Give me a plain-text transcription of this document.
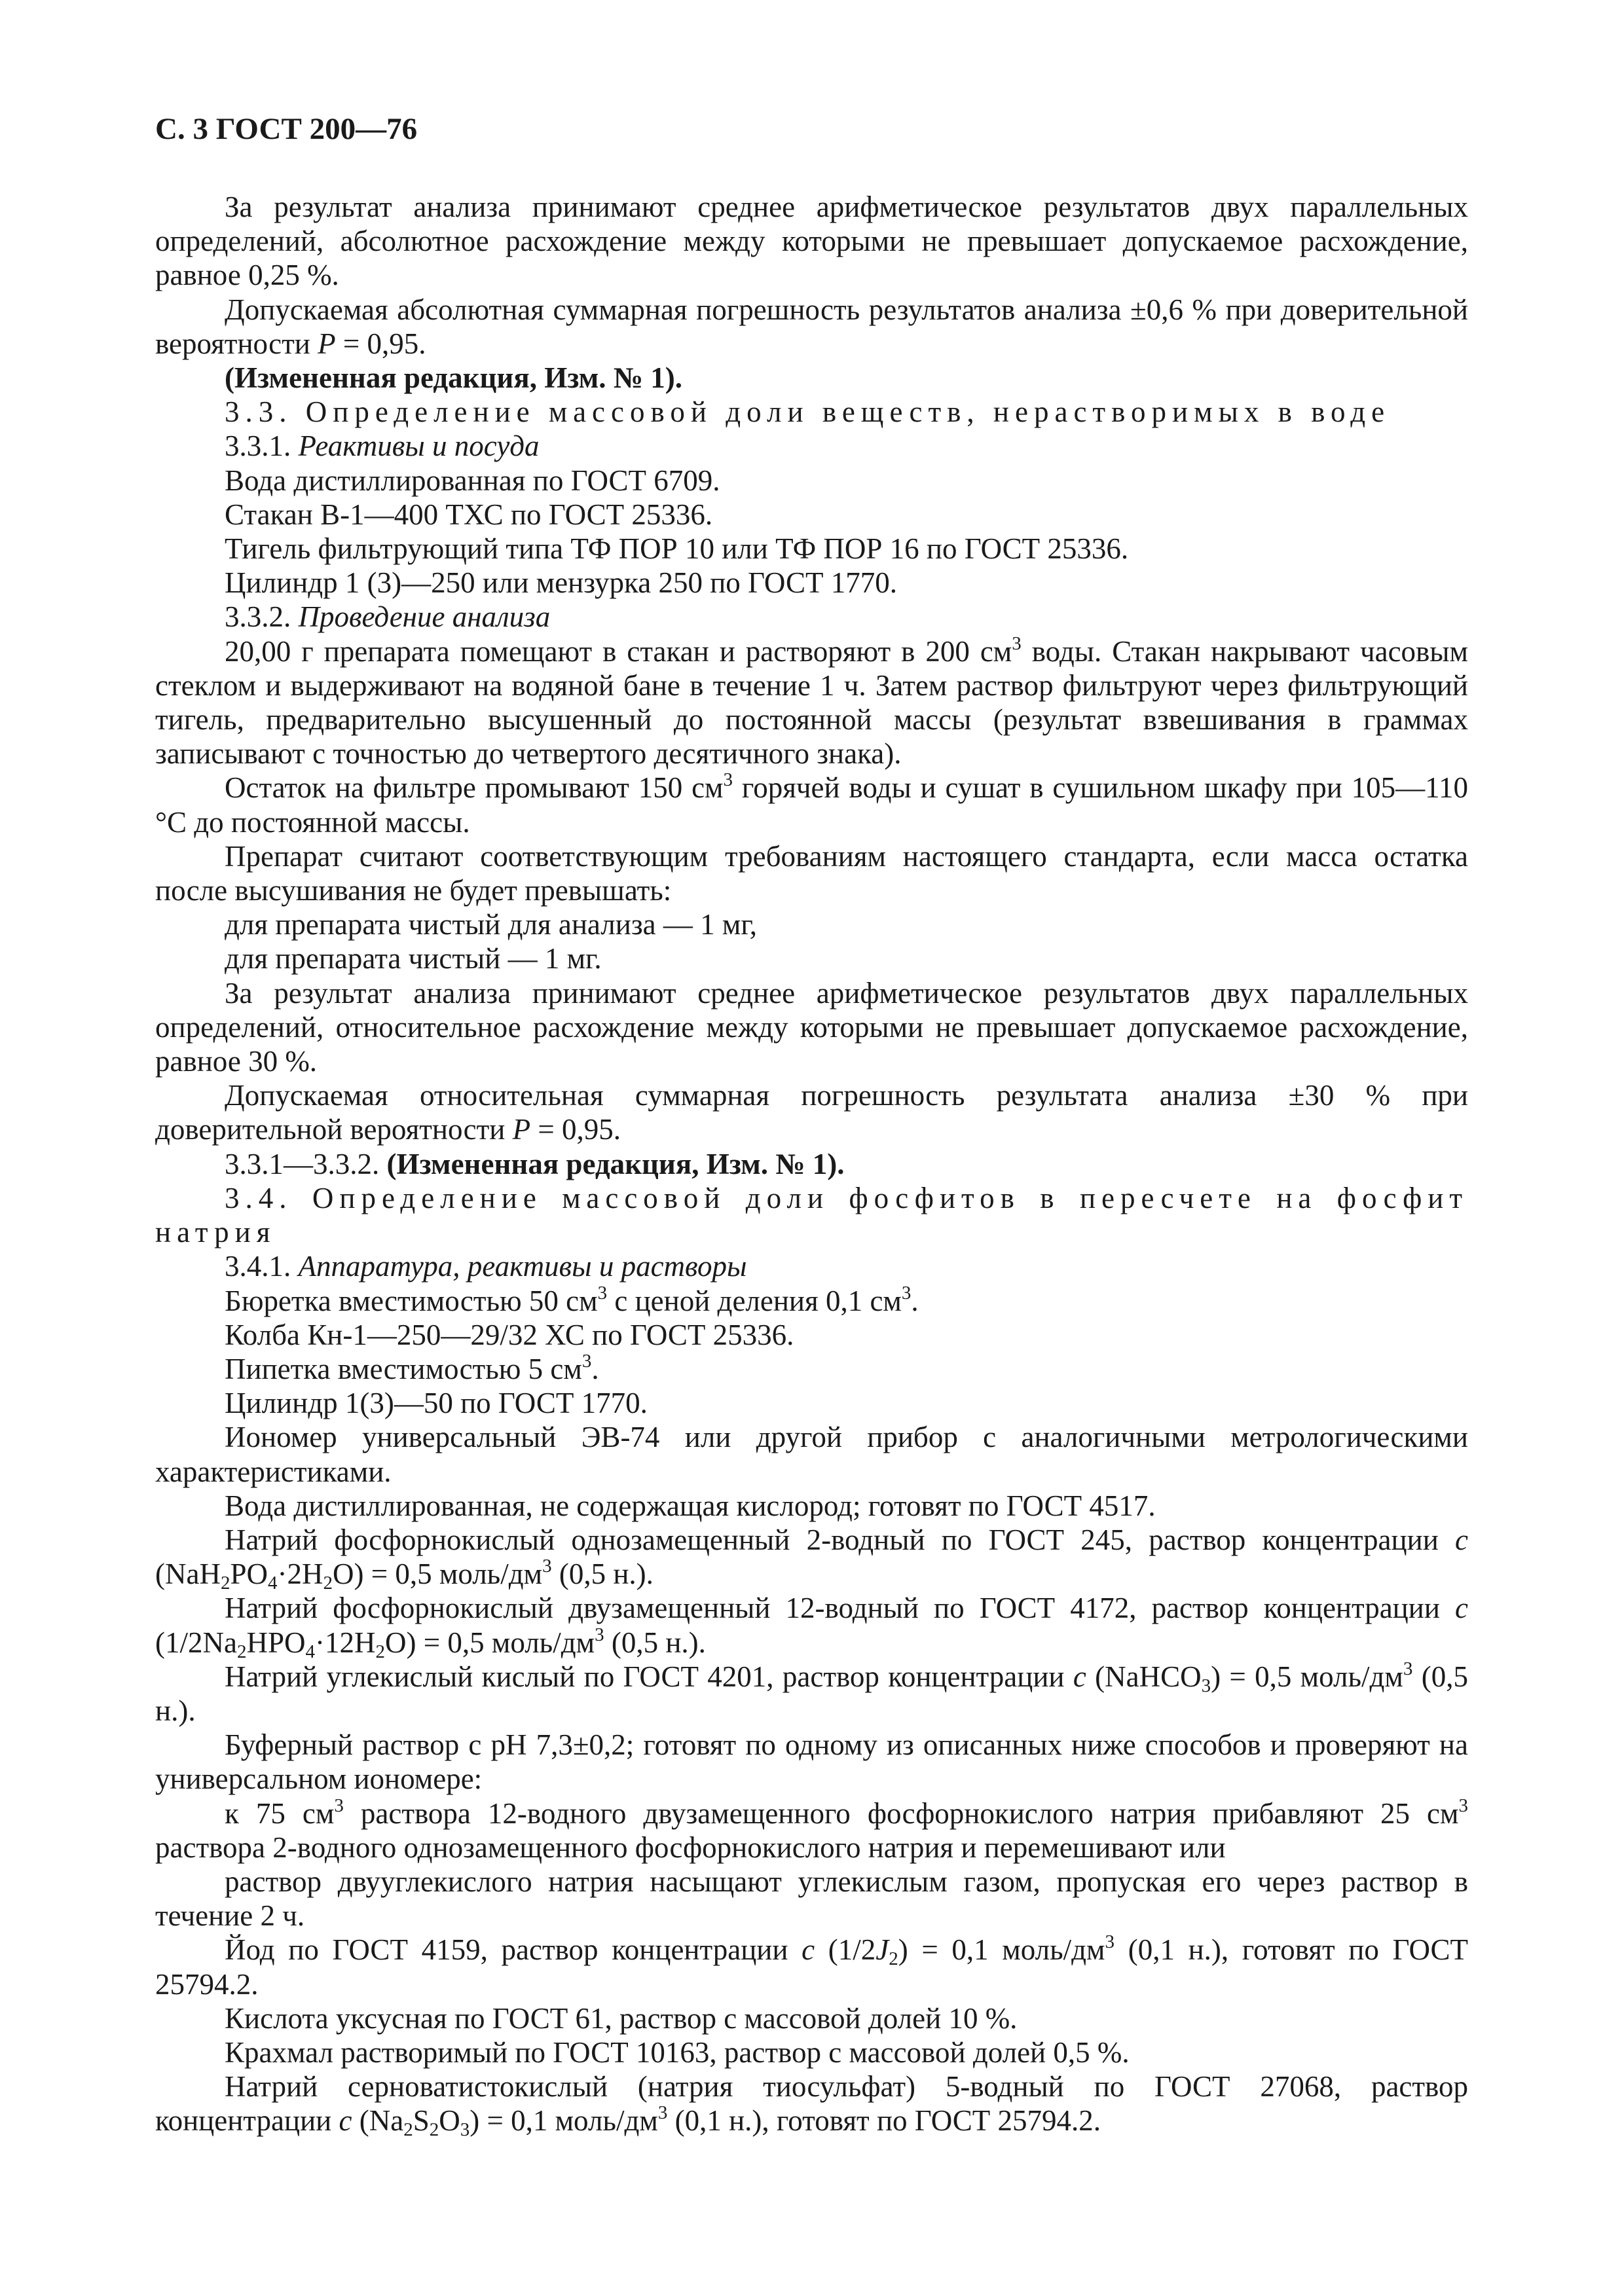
С. 3 ГОСТ 200—76

За результат анализа принимают среднее арифметическое результатов двух параллельных определений, абсолютное расхождение между которыми не превышает допускаемое расхождение, равное 0,25 %.

Допускаемая абсолютная суммарная погрешность результатов анализа ±0,6 % при доверительной вероятности P = 0,95.

(Измененная редакция, Изм. № 1).

3.3. Определение массовой доли веществ, нерастворимых в воде

3.3.1. Реактивы и посуда

Вода дистиллированная по ГОСТ 6709.

Стакан В-1—400 ТХС по ГОСТ 25336.

Тигель фильтрующий типа ТФ ПОР 10 или ТФ ПОР 16 по ГОСТ 25336.

Цилиндр 1 (3)—250 или мензурка 250 по ГОСТ 1770.

3.3.2. Проведение анализа

20,00 г препарата помещают в стакан и растворяют в 200 $см^3$ воды. Стакан накрывают часовым стеклом и выдерживают на водяной бане в течение 1 ч. Затем раствор фильтруют через фильтрующий тигель, предварительно высушенный до постоянной массы (результат взвешивания в граммах записывают с точностью до четвертого десятичного знака).

Остаток на фильтре промывают 150 $см^3$ горячей воды и сушат в сушильном шкафу при 105—110 °С до постоянной массы.

Препарат считают соответствующим требованиям настоящего стандарта, если масса остатка после высушивания не будет превышать:

для препарата чистый для анализа — 1 мг,

для препарата чистый — 1 мг.

За результат анализа принимают среднее арифметическое результатов двух параллельных определений, относительное расхождение между которыми не превышает допускаемое расхождение, равное 30 %.

Допускаемая относительная суммарная погрешность результата анализа ±30 % при доверительной вероятности P = 0,95.

3.3.1—3.3.2. (Измененная редакция, Изм. № 1).

3.4. Определение массовой доли фосфитов в пересчете на фосфит натрия

3.4.1. Аппаратура, реактивы и растворы

Бюретка вместимостью 50 $см^3$ с ценой деления 0,1 $см^3$.

Колба Кн-1—250—29/32 ХС по ГОСТ 25336.

Пипетка вместимостью 5 $см^3$.

Цилиндр 1(3)—50 по ГОСТ 1770.

Иономер универсальный ЭВ-74 или другой прибор с аналогичными метрологическими характеристиками.

Вода дистиллированная, не содержащая кислород; готовят по ГОСТ 4517.

Натрий фосфорнокислый однозамещенный 2-водный по ГОСТ 245, раствор концентрации c $(NaH_2PO_4\cdot 2H_2O) = 0,5$ моль/$дм^3$ (0,5 н.).

Натрий фосфорнокислый двузамещенный 12-водный по ГОСТ 4172, раствор концентрации c $(1/2Na_2HPO_4\cdot 12H_2O) = 0,5$ моль/$дм^3$ (0,5 н.).

Натрий углекислый кислый по ГОСТ 4201, раствор концентрации c (NaHCO$_3$) = 0,5 моль/$дм^3$ (0,5 н.).

Буферный раствор с pH 7,3±0,2; готовят по одному из описанных ниже способов и проверяют на универсальном иономере:

к 75 $см^3$ раствора 12-водного двузамещенного фосфорнокислого натрия прибавляют 25 $см^3$ раствора 2-водного однозамещенного фосфорнокислого натрия и перемешивают или

раствор двууглекислого натрия насыщают углекислым газом, пропуская его через раствор в течение 2 ч.

Йод по ГОСТ 4159, раствор концентрации c $(1/2J_2) = 0,1$ моль/$дм^3$ (0,1 н.), готовят по ГОСТ 25794.2.

Кислота уксусная по ГОСТ 61, раствор с массовой долей 10 %.

Крахмал растворимый по ГОСТ 10163, раствор с массовой долей 0,5 %.

Натрий серноватистокислый (натрия тиосульфат) 5-водный по ГОСТ 27068, раствор концентрации c $(Na_2S_2O_3) = 0,1$ моль/$дм^3$ (0,1 н.), готовят по ГОСТ 25794.2.
